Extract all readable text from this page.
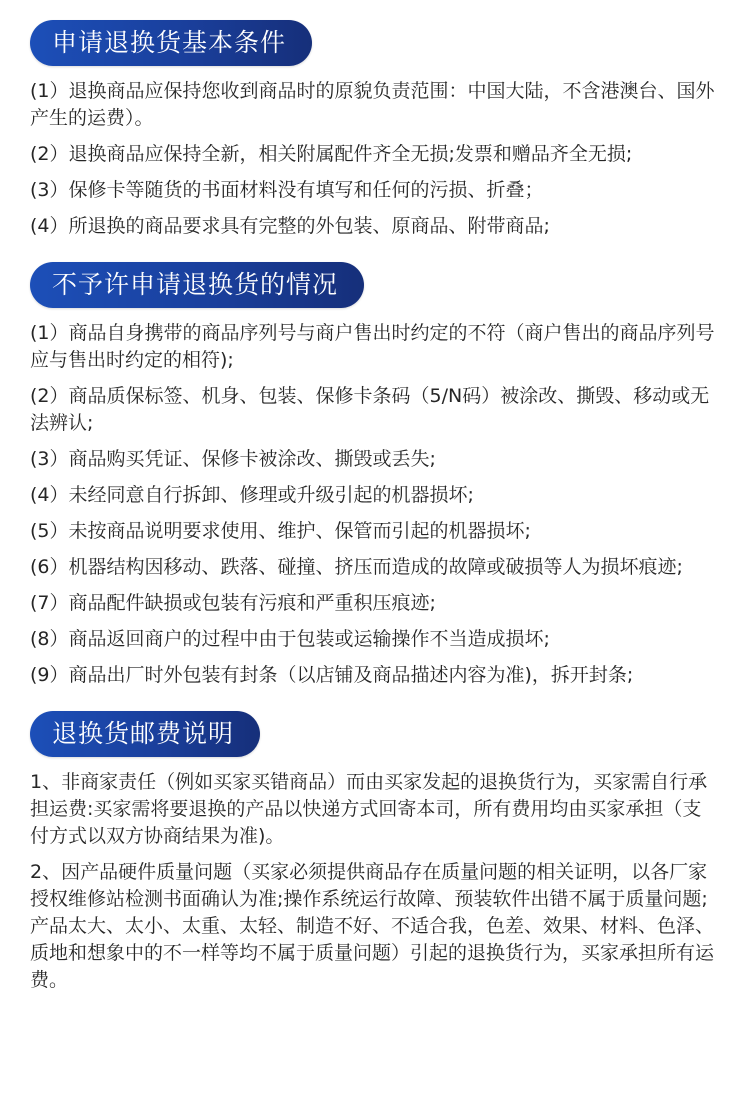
申请退换货基本条件
(1）退换商品应保持您收到商品时的原貌负责范围：中国大陆，不含港澳台、国外产生的运费）。
(2）退换商品应保持全新，相关附属配件齐全无损;发票和赠品齐全无损;
(3）保修卡等随货的书面材料没有填写和任何的污损、折叠；
(4）所退换的商品要求具有完整的外包装、原商品、附带商品;
不予许申请退换货的情况
(1）商品自身携带的商品序列号与商户售出时约定的不符（商户售出的商品序列号应与售出时约定的相符);
(2）商品质保标签、机身、包装、保修卡条码（5/N码）被涂改、撕毁、移动或无法辨认;
(3）商品购买凭证、保修卡被涂改、撕毁或丢失;
(4）未经同意自行拆卸、修理或升级引起的机器损坏;
(5）未按商品说明要求使用、维护、保管而引起的机器损坏;
(6）机器结构因移动、跌落、碰撞、挤压而造成的故障或破损等人为损坏痕迹;
(7）商品配件缺损或包装有污痕和严重积压痕迹;
(8）商品返回商户的过程中由于包装或运输操作不当造成损坏;
(9）商品出厂时外包装有封条（以店铺及商品描述内容为准)，拆开封条;
退换货邮费说明
1、非商家责任（例如买家买错商品）而由买家发起的退换货行为，买家需自行承担运费:买家需将要退换的产品以快递方式回寄本司，所有费用均由买家承担（支付方式以双方协商结果为准)。
2、因产品硬件质量问题（买家必须提供商品存在质量问题的相关证明，以各厂家授权维修站检测书面确认为准;操作系统运行故障、预装软件出错不属于质量问题;产品太大、太小、太重、太轻、制造不好、不适合我，色差、效果、材料、色泽、质地和想象中的不一样等均不属于质量问题）引起的退换货行为，买家承担所有运费。
